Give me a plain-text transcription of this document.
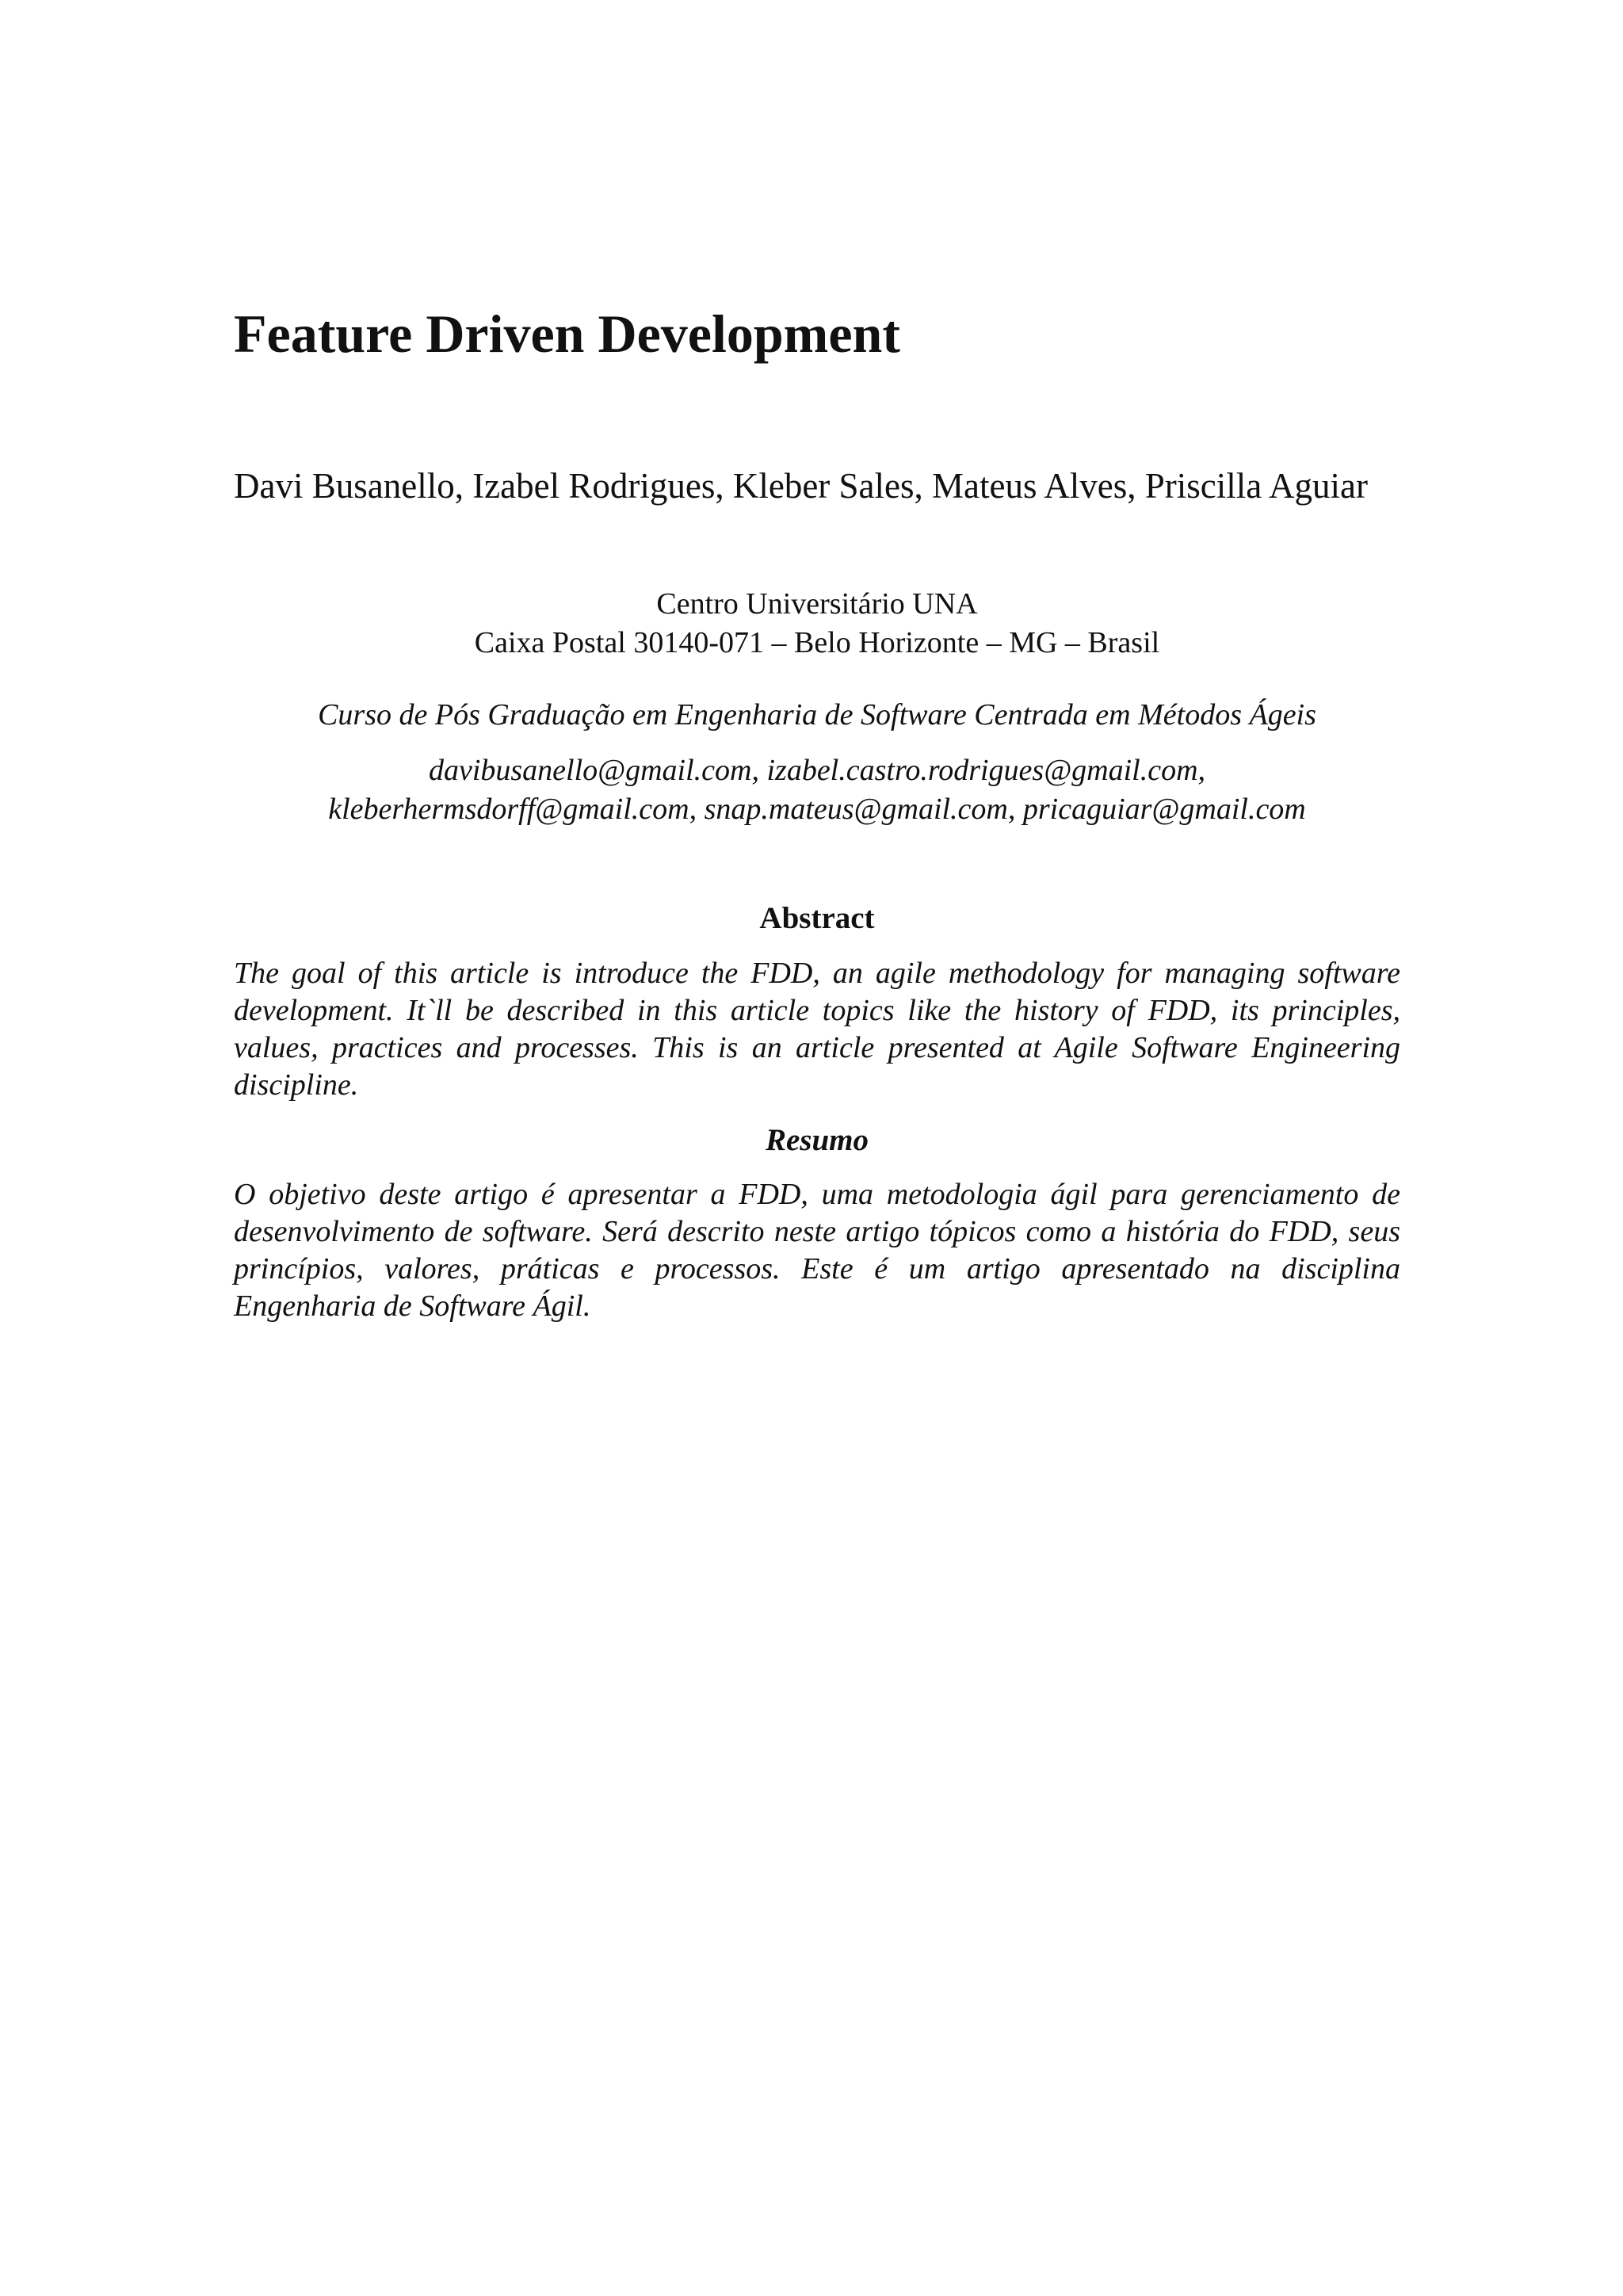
Feature Driven Development

Davi Busanello, Izabel Rodrigues, Kleber Sales, Mateus Alves, Priscilla Aguiar

Centro Universitário UNA
Caixa Postal 30140-071 – Belo Horizonte – MG – Brasil

Curso de Pós Graduação em Engenharia de Software Centrada em Métodos Ágeis

davibusanello@gmail.com, izabel.castro.rodrigues@gmail.com,
kleberhermsdorff@gmail.com, snap.mateus@gmail.com, pricaguiar@gmail.com

Abstract

The goal of this article is introduce the FDD, an agile methodology for managing software development. It`ll be described in this article topics like the history of FDD, its principles, values, practices and processes. This is an article presented at Agile Software Engineering discipline.

Resumo

O objetivo deste artigo é apresentar a FDD, uma metodologia ágil para gerenciamento de desenvolvimento de software. Será descrito neste artigo tópicos como a história do FDD, seus princípios, valores, práticas e processos. Este é um artigo apresentado na disciplina Engenharia de Software Ágil.
